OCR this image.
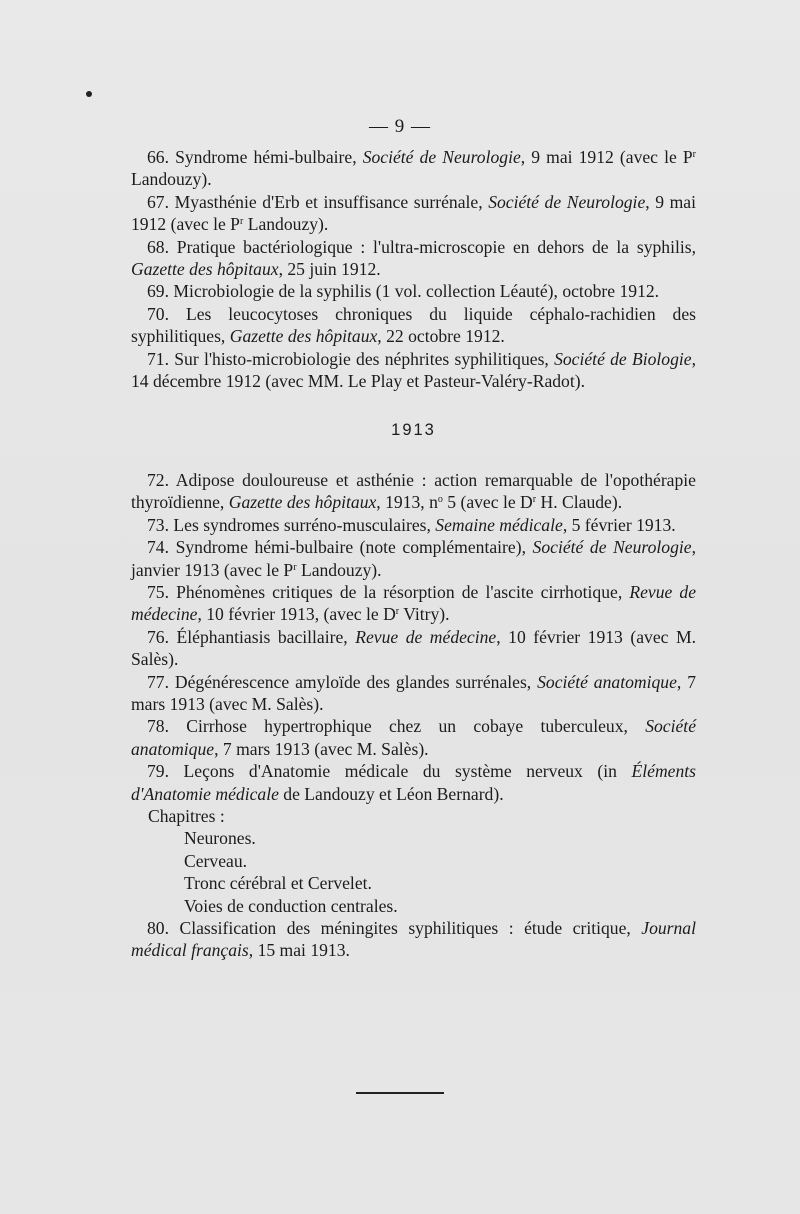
— 9 —

66. Syndrome hémi-bulbaire, Société de Neurologie, 9 mai 1912 (avec le $P^r$ Landouzy).

67. Myasthénie d'Erb et insuffisance surrénale, Société de Neurologie, 9 mai 1912 (avec le $P^r$ Landouzy).

68. Pratique bactériologique : l'ultra-microscopie en dehors de la syphilis, Gazette des hôpitaux, 25 juin 1912.

69. Microbiologie de la syphilis (1 vol. collection Léauté), octobre 1912.

70. Les leucocytoses chroniques du liquide céphalo-rachidien des syphilitiques, Gazette des hôpitaux, 22 octobre 1912.

71. Sur l'histo-microbiologie des néphrites syphilitiques, Société de Biologie, 14 décembre 1912 (avec MM. Le Play et Pasteur-Valéry-Radot).

1913

72. Adipose douloureuse et asthénie : action remarquable de l'opothérapie thyroïdienne, Gazette des hôpitaux, 1913, $n^o$ 5 (avec le $D^r$ H. Claude).

73. Les syndromes surréno-musculaires, Semaine médicale, 5 février 1913.

74. Syndrome hémi-bulbaire (note complémentaire), Société de Neurologie, janvier 1913 (avec le $P^r$ Landouzy).

75. Phénomènes critiques de la résorption de l'ascite cirrhotique, Revue de médecine, 10 février 1913, (avec le $D^r$ Vitry).

76. Éléphantiasis bacillaire, Revue de médecine, 10 février 1913 (avec M. Salès).

77. Dégénérescence amyloïde des glandes surrénales, Société anatomique, 7 mars 1913 (avec M. Salès).

78. Cirrhose hypertrophique chez un cobaye tuberculeux, Société anatomique, 7 mars 1913 (avec M. Salès).

79. Leçons d'Anatomie médicale du système nerveux (in Éléments d'Anatomie médicale de Landouzy et Léon Bernard).

Chapitres :

Neurones.

Cerveau.

Tronc cérébral et Cervelet.

Voies de conduction centrales.

80. Classification des méningites syphilitiques : étude critique, Journal médical français, 15 mai 1913.
